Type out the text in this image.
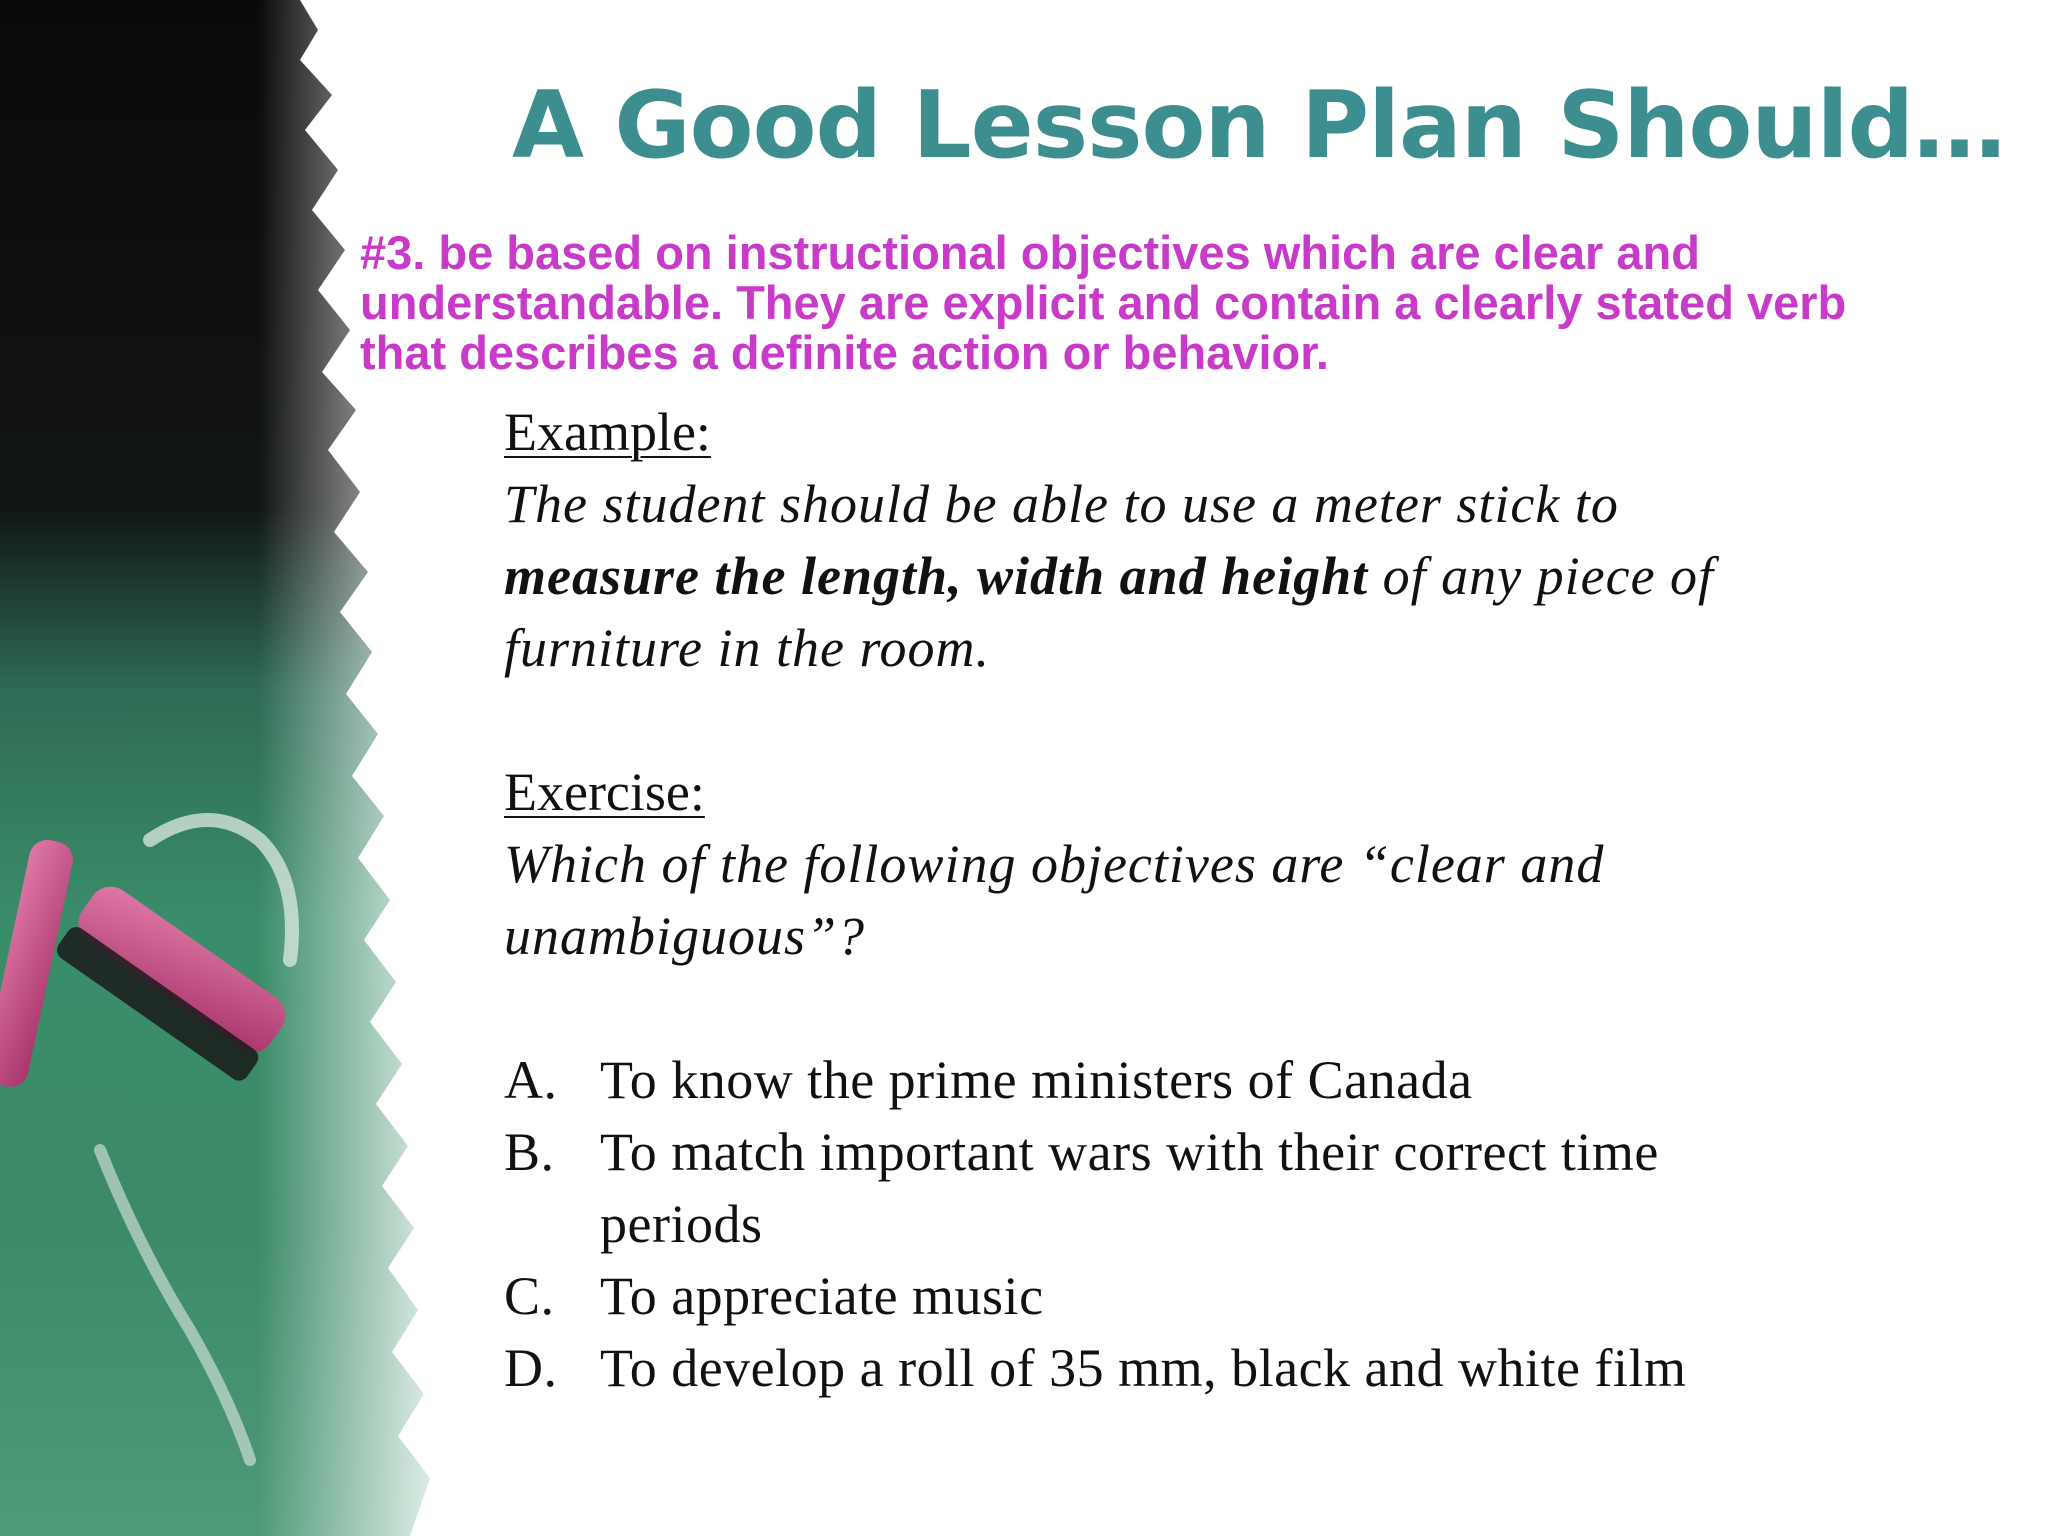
A Good Lesson Plan Should…
#3. be based on instructional objectives which are clear and understandable. They are explicit and contain a clearly stated verb that describes a definite action or behavior.
Example:
The student should be able to use a meter stick to measure the length, width and height of any piece of furniture in the room.
Exercise:
Which of the following objectives are “clear and unambiguous”?
A. To know the prime ministers of Canada
B. To match important wars with their correct time periods
C. To appreciate music
D. To develop a roll of 35 mm, black and white film
